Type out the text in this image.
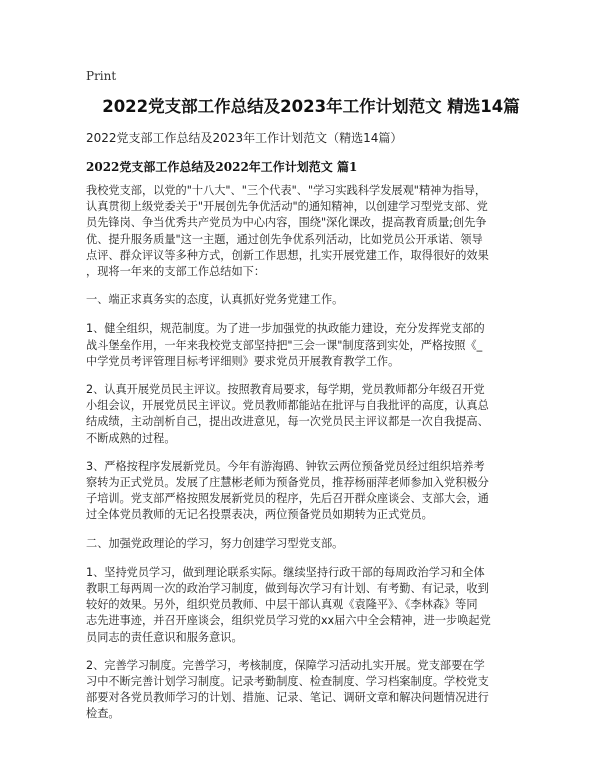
Print
2022党支部工作总结及2023年工作计划范文 精选14篇
2022党支部工作总结及2023年工作计划范文（精选14篇）
2022党支部工作总结及2022年工作计划范文 篇1

我校党支部，以党的"十八大"、"三个代表"、"学习实践科学发展观"精神为指导，
认真贯彻上级党委关于"开展创先争优活动"的通知精神，以创建学习型党支部、党
员先锋岗、争当优秀共产党员为中心内容，围绕"深化课改，提高教育质量;创先争
优、提升服务质量"这一主题，通过创先争优系列活动，比如党员公开承诺、领导
点评、群众评议等多种方式，创新工作思想，扎实开展党建工作，取得很好的效果
，现将一年来的支部工作总结如下：

一、端正求真务实的态度，认真抓好党务党建工作。

1、健全组织，规范制度。为了进一步加强党的执政能力建设，充分发挥党支部的
战斗堡垒作用，一年来我校党支部坚持把"三会一课"制度落到实处，严格按照《_
中学党员考评管理目标考评细则》要求党员开展教育教学工作。

2、认真开展党员民主评议。按照教育局要求，每学期，党员教师都分年级召开党
小组会议，开展党员民主评议。党员教师都能站在批评与自我批评的高度，认真总
结成绩，主动剖析自己，提出改进意见，每一次党员民主评议都是一次自我提高、
不断成熟的过程。

3、严格按程序发展新党员。今年有游海鸥、钟钦云两位预备党员经过组织培养考
察转为正式党员。发展了庄慧彬老师为预备党员，推荐杨丽萍老师参加入党积极分
子培训。党支部严格按照发展新党员的程序，先后召开群众座谈会、支部大会，通
过全体党员教师的无记名投票表决，两位预备党员如期转为正式党员。

二、加强党政理论的学习，努力创建学习型党支部。

1、坚持党员学习，做到理论联系实际。继续坚持行政干部的每周政治学习和全体
教职工每两周一次的政治学习制度，做到每次学习有计划、有考勤、有记录，收到
较好的效果。另外，组织党员教师、中层干部认真观《袁隆平》、《李林森》等同
志先进事迹，并召开座谈会，组织党员学习党的xx届六中全会精神，进一步唤起党
员同志的责任意识和服务意识。

2、完善学习制度。完善学习，考核制度，保障学习活动扎实开展。党支部要在学
习中不断完善计划学习制度。记录考勤制度、检查制度、学习档案制度。学校党支
部要对各党员教师学习的计划、措施、记录、笔记、调研文章和解决问题情况进行
检查。
